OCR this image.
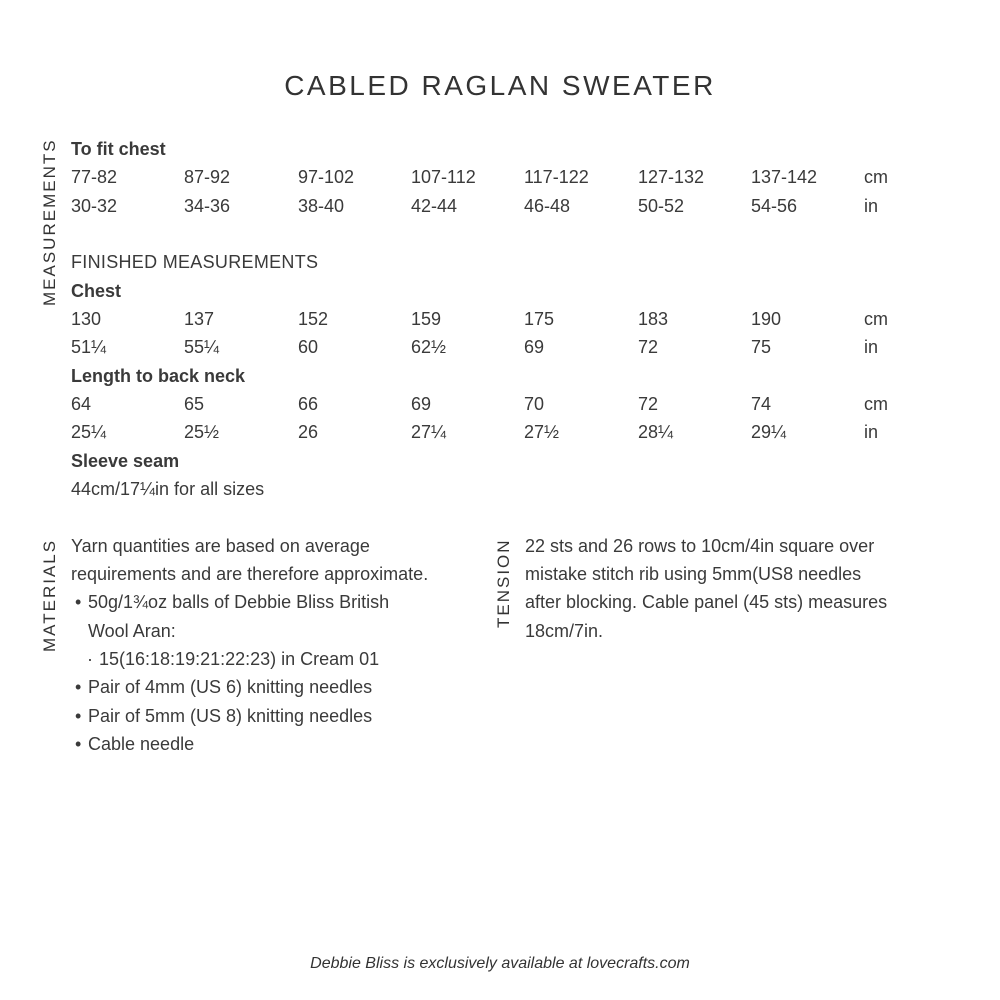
CABLED RAGLAN SWEATER
MEASUREMENTS
MATERIALS	TENSION
To fit chest
77-82	87-92	97-102	107-112	117-122	127-132	137-142	cm
30-32	34-36	38-40	42-44	46-48	50-52	54-56	in
FINISHED MEASUREMENTS
Chest
130	137	152	159	175	183	190	cm
51¼	55¼	60	62½	69	72	75	in
Length to back neck
64	65	66	69	70	72	74	cm
25¼	25½	26	27¼	27½	28¼	29¼	in
Sleeve seam
44cm/17¼in for all sizes
Yarn quantities are based on average
requirements and are therefore approximate.
• 50g/1¾oz balls of Debbie Bliss British
Wool Aran:
· 15(16:18:19:21:22:23) in Cream 01
• Pair of 4mm (US 6) knitting needles
• Pair of 5mm (US 8) knitting needles
• Cable needle
22 sts and 26 rows to 10cm/4in square over
mistake stitch rib using 5mm(US8 needles
after blocking. Cable panel (45 sts) measures
18cm/7in.
Debbie Bliss is exclusively available at lovecrafts.com
